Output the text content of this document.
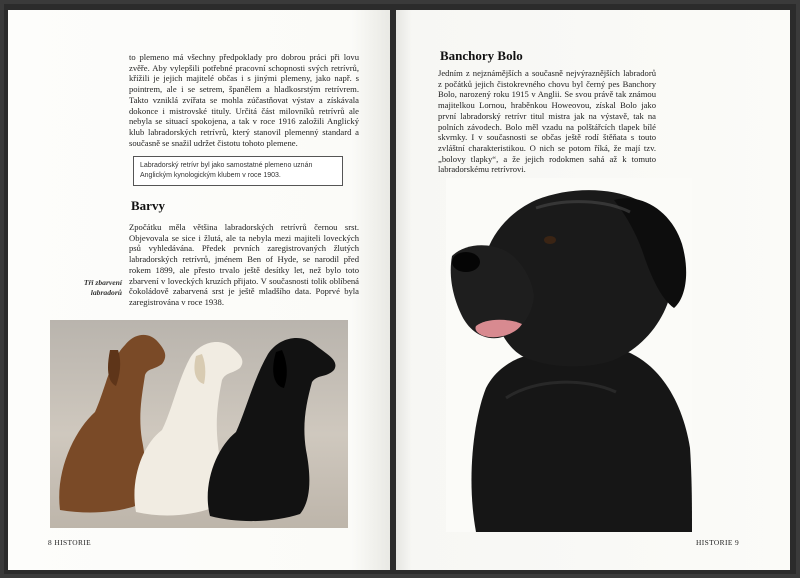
to plemeno má všechny předpoklady pro dobrou práci při lovu zvěře. Aby vylepšili potřebné pracovní schopnosti svých retrívrů, křížili je jejich majitelé občas i s jinými plemeny, jako např. s pointrem, ale i se setrem, španělem a hladkosrstým retrívrem. Takto vzniklá zvířata se mohla zúčastňovat výstav a získávala dokonce i mistrovské tituly. Určitá část milovníků retrívrů ale nebyla se situací spokojena, a tak v roce 1916 založili Anglický klub labradorských retrívrů, který stanovil plemenný standard a současně se snažil udržet čistotu tohoto plemene.

Labradorský retrívr byl jako samostatné plemeno uznán Anglickým kynologickým klubem v roce 1903.
Barvy

Zpočátku měla většina labradorských retrívrů černou srst. Objevovala se sice i žlutá, ale ta nebyla mezi majiteli loveckých psů vyhledávána. Předek prvních zaregistrovaných žlutých labradorských retrívrů, jménem Ben of Hyde, se narodil před rokem 1899, ale přesto trvalo ještě desítky let, než bylo toto zbarvení v loveckých kruzích přijato. V současnosti tolik oblíbená čokoládově zabarvená srst je ještě mladšího data. Poprvé byla zaregistrována v roce 1938.

Tři zbarvení labradorů
8 HISTORIE
Banchory Bolo

Jedním z nejznámějších a současně nejvýraznějších labradorů z počátků jejich čistokrevného chovu byl černý pes Banchory Bolo, narozený roku 1915 v Anglii. Se svou právě tak známou majitelkou Lornou, hraběnkou Howeovou, získal Bolo jako první labradorský retrívr titul mistra jak na výstavě, tak na polních závodech. Bolo měl vzadu na polštářcích tlapek bílé skvrnky. I v současnosti se občas ještě rodí štěňata s touto zvláštní charakteristikou. O nich se potom říká, že mají tzv. „bolovy tlapky“, a že jejich rodokmen sahá až k tomuto labradorskému retrívrovi.

HISTORIE 9
